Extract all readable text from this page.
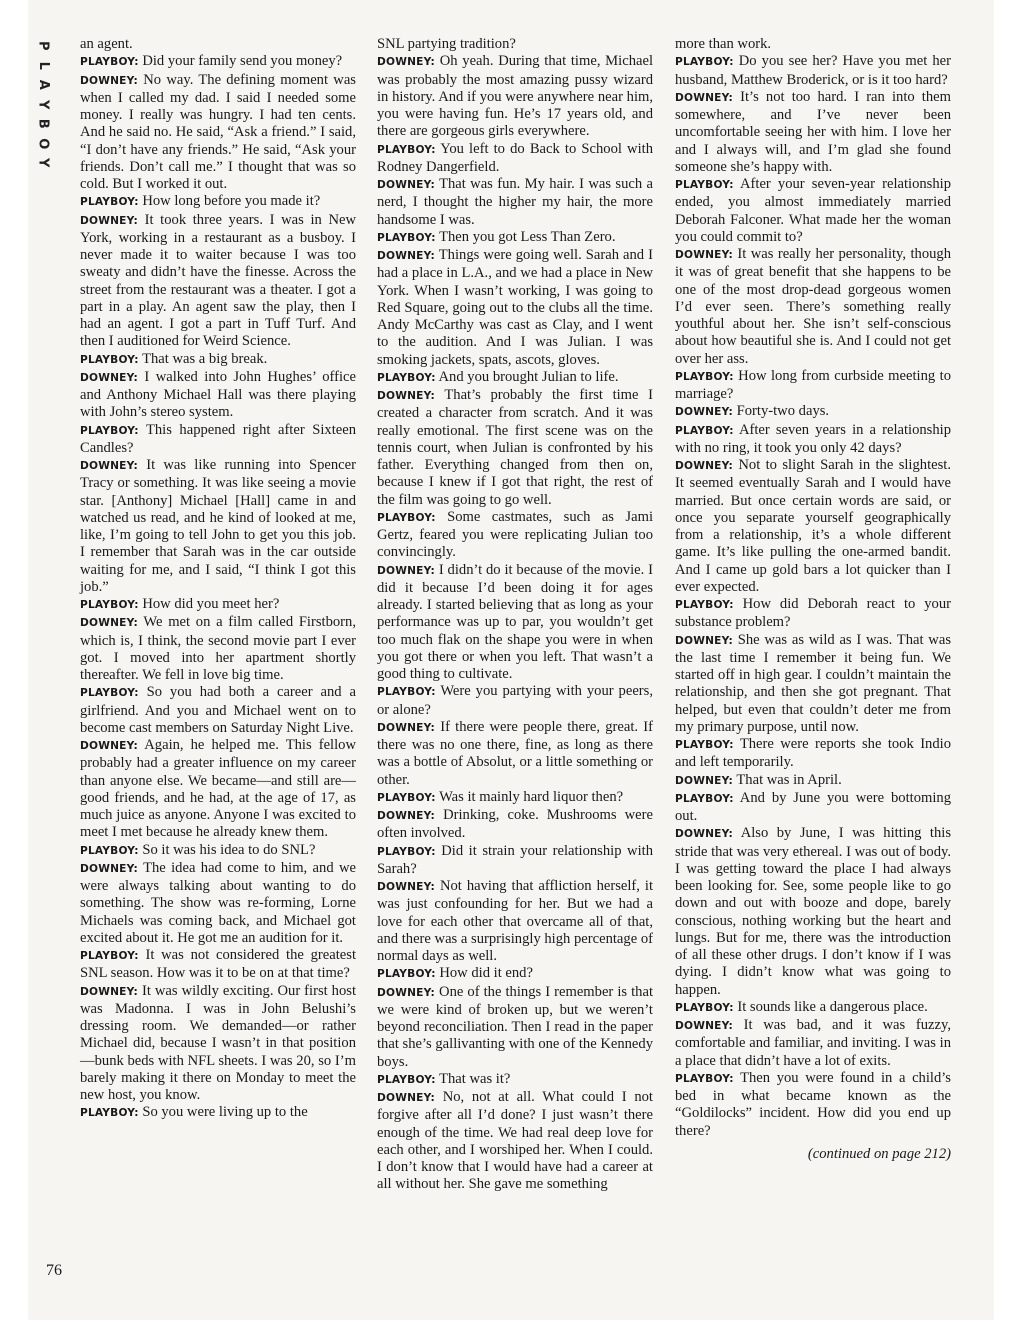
P
L
A
Y
B
O
Y

an agent.

PLAYBOY: Did your family send you money?

DOWNEY: No way. The defining moment was when I called my dad. I said I needed some money. I really was hungry. I had ten cents. And he said no. He said, “Ask a friend.” I said, “I don’t have any friends.” He said, “Ask your friends. Don’t call me.” I thought that was so cold. But I worked it out.

PLAYBOY: How long before you made it?

DOWNEY: It took three years. I was in New York, working in a restaurant as a busboy. I never made it to waiter because I was too sweaty and didn’t have the finesse. Across the street from the restaurant was a theater. I got a part in a play. An agent saw the play, then I had an agent. I got a part in Tuff Turf. And then I auditioned for Weird Science.

PLAYBOY: That was a big break.

DOWNEY: I walked into John Hughes’ office and Anthony Michael Hall was there playing with John’s stereo system.

PLAYBOY: This happened right after Sixteen Candles?

DOWNEY: It was like running into Spencer Tracy or something. It was like seeing a movie star. [Anthony] Michael [Hall] came in and watched us read, and he kind of looked at me, like, I’m going to tell John to get you this job. I remember that Sarah was in the car outside waiting for me, and I said, “I think I got this job.”

PLAYBOY: How did you meet her?

DOWNEY: We met on a film called Firstborn, which is, I think, the second movie part I ever got. I moved into her apartment shortly thereafter. We fell in love big time.

PLAYBOY: So you had both a career and a girlfriend. And you and Michael went on to become cast members on Saturday Night Live.

DOWNEY: Again, he helped me. This fellow probably had a greater influence on my career than anyone else. We became—and still are—good friends, and he had, at the age of 17, as much juice as anyone. Anyone I was excited to meet I met because he already knew them.

PLAYBOY: So it was his idea to do SNL?

DOWNEY: The idea had come to him, and we were always talking about wanting to do something. The show was re-forming, Lorne Michaels was coming back, and Michael got excited about it. He got me an audition for it.

PLAYBOY: It was not considered the greatest SNL season. How was it to be on at that time?

DOWNEY: It was wildly exciting. Our first host was Madonna. I was in John Belushi’s dressing room. We demanded—or rather Michael did, because I wasn’t in that position—bunk beds with NFL sheets. I was 20, so I’m barely making it there on Monday to meet the new host, you know.

PLAYBOY: So you were living up to the

SNL partying tradition?

DOWNEY: Oh yeah. During that time, Michael was probably the most amazing pussy wizard in history. And if you were anywhere near him, you were having fun. He’s 17 years old, and there are gorgeous girls everywhere.

PLAYBOY: You left to do Back to School with Rodney Dangerfield.

DOWNEY: That was fun. My hair. I was such a nerd, I thought the higher my hair, the more handsome I was.

PLAYBOY: Then you got Less Than Zero.

DOWNEY: Things were going well. Sarah and I had a place in L.A., and we had a place in New York. When I wasn’t working, I was going to Red Square, going out to the clubs all the time. Andy McCarthy was cast as Clay, and I went to the audition. And I was Julian. I was smoking jackets, spats, ascots, gloves.

PLAYBOY: And you brought Julian to life.

DOWNEY: That’s probably the first time I created a character from scratch. And it was really emotional. The first scene was on the tennis court, when Julian is confronted by his father. Everything changed from then on, because I knew if I got that right, the rest of the film was going to go well.

PLAYBOY: Some castmates, such as Jami Gertz, feared you were replicating Julian too convincingly.

DOWNEY: I didn’t do it because of the movie. I did it because I’d been doing it for ages already. I started believing that as long as your performance was up to par, you wouldn’t get too much flak on the shape you were in when you got there or when you left. That wasn’t a good thing to cultivate.

PLAYBOY: Were you partying with your peers, or alone?

DOWNEY: If there were people there, great. If there was no one there, fine, as long as there was a bottle of Absolut, or a little something or other.

PLAYBOY: Was it mainly hard liquor then?

DOWNEY: Drinking, coke. Mushrooms were often involved.

PLAYBOY: Did it strain your relationship with Sarah?

DOWNEY: Not having that affliction herself, it was just confounding for her. But we had a love for each other that overcame all of that, and there was a surprisingly high percentage of normal days as well.

PLAYBOY: How did it end?

DOWNEY: One of the things I remember is that we were kind of broken up, but we weren’t beyond reconciliation. Then I read in the paper that she’s gallivanting with one of the Kennedy boys.

PLAYBOY: That was it?

DOWNEY: No, not at all. What could I not forgive after all I’d done? I just wasn’t there enough of the time. We had real deep love for each other, and I worshiped her. When I could. I don’t know that I would have had a career at all without her. She gave me something

more than work.

PLAYBOY: Do you see her? Have you met her husband, Matthew Broderick, or is it too hard?

DOWNEY: It’s not too hard. I ran into them somewhere, and I’ve never been uncomfortable seeing her with him. I love her and I always will, and I’m glad she found someone she’s happy with.

PLAYBOY: After your seven-year relationship ended, you almost immediately married Deborah Falconer. What made her the woman you could commit to?

DOWNEY: It was really her personality, though it was of great benefit that she happens to be one of the most drop-dead gorgeous women I’d ever seen. There’s something really youthful about her. She isn’t self-conscious about how beautiful she is. And I could not get over her ass.

PLAYBOY: How long from curbside meeting to marriage?

DOWNEY: Forty-two days.

PLAYBOY: After seven years in a relationship with no ring, it took you only 42 days?

DOWNEY: Not to slight Sarah in the slightest. It seemed eventually Sarah and I would have married. But once certain words are said, or once you separate yourself geographically from a relationship, it’s a whole different game. It’s like pulling the one-armed bandit. And I came up gold bars a lot quicker than I ever expected.

PLAYBOY: How did Deborah react to your substance problem?

DOWNEY: She was as wild as I was. That was the last time I remember it being fun. We started off in high gear. I couldn’t maintain the relationship, and then she got pregnant. That helped, but even that couldn’t deter me from my primary purpose, until now.

PLAYBOY: There were reports she took Indio and left temporarily.

DOWNEY: That was in April.

PLAYBOY: And by June you were bottoming out.

DOWNEY: Also by June, I was hitting this stride that was very ethereal. I was out of body. I was getting toward the place I had always been looking for. See, some people like to go down and out with booze and dope, barely conscious, nothing working but the heart and lungs. But for me, there was the introduction of all these other drugs. I don’t know if I was dying. I didn’t know what was going to happen.

PLAYBOY: It sounds like a dangerous place.

DOWNEY: It was bad, and it was fuzzy, comfortable and familiar, and inviting. I was in a place that didn’t have a lot of exits.

PLAYBOY: Then you were found in a child’s bed in what became known as the “Goldilocks” incident. How did you end up there?

(continued on page 212)

76
